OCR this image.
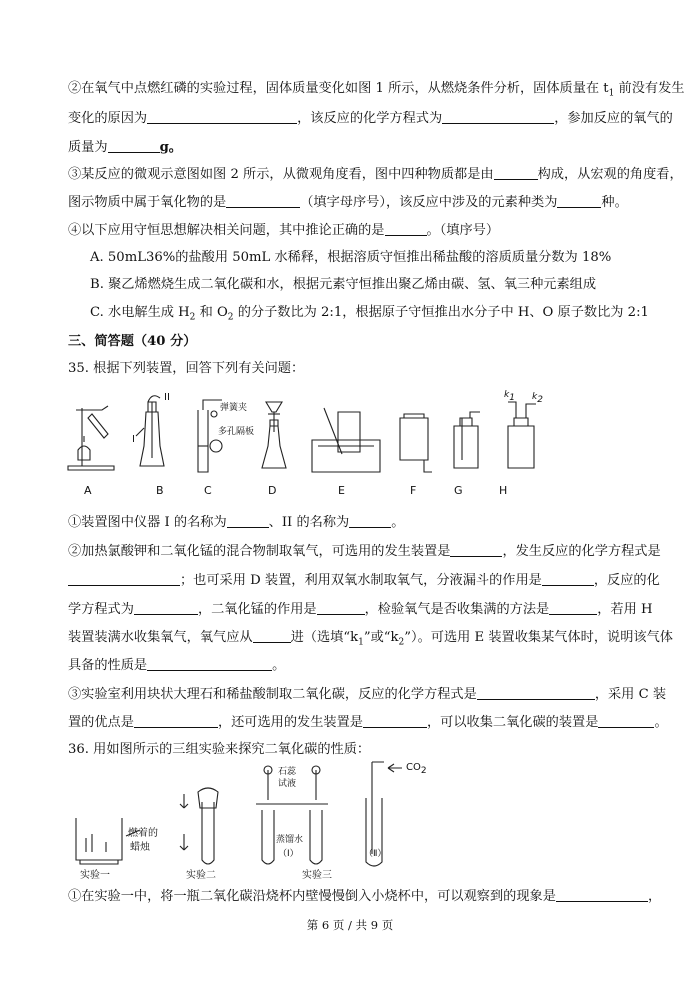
②在氧气中点燃红磷的实验过程，固体质量变化如图 1 所示，从燃烧条件分析，固体质量在 $t_1$ 前没有发生
变化的原因为	，该反应的化学方程式为	，参加反应的氧气的
质量为	g。
③某反应的微观示意图如图 2 所示，从微观角度看，图中四种物质都是由	构成，从宏观的角度看，
图示物质中属于氧化物的是	（填字母序号），该反应中涉及的元素种类为	种。
④以下应用守恒思想解决相关问题，其中推论正确的是	。（填序号）
A. 50mL36%的盐酸用 50mL 水稀释，根据溶质守恒推出稀盐酸的溶质质量分数为 18%
B. 聚乙烯燃烧生成二氧化碳和水，根据元素守恒推出聚乙烯由碳、氢、氧三种元素组成
C. 水电解生成 $H_2$ 和 $O_2$ 的分子数比为 2:1，根据原子守恒推出水分子中 H、O 原子数比为 2:1
三、简答题（40 分）
35. 根据下列装置，回答下列有关问题：
A	B	C	D	E	F	G	H
I
II
弹簧夹
多孔隔板
$k_1$ $k_2$
①装置图中仪器 I 的名称为	、II 的名称为	。
②加热氯酸钾和二氧化锰的混合物制取氧气，可选用的发生装置是	，发生反应的化学方程式是
；也可采用 D 装置，利用双氧水制取氧气，分液漏斗的作用是	，反应的化
学方程式为	，二氧化锰的作用是	，检验氧气是否收集满的方法是	，若用 H
装置装满水收集氧气，氧气应从	进（选填“$k_1$”或“$k_2$”）。可选用 E 装置收集某气体时，说明该气体
具备的性质是	。
③实验室利用块状大理石和稀盐酸制取二氧化碳，反应的化学方程式是	，采用 C 装
置的优点是	，还可选用的发生装置是	，可以收集二氧化碳的装置是	。
36. 用如图所示的三组实验来探究二氧化碳的性质：
燃着的
蜡烛
实验一	实验二
石蕊
试液
蒸馏水
（Ⅰ）	（Ⅱ）
实验三
$CO_2$
①在实验一中，将一瓶二氧化碳沿烧杯内壁慢慢倒入小烧杯中，可以观察到的现象是	，
第 6 页 / 共 9 页
